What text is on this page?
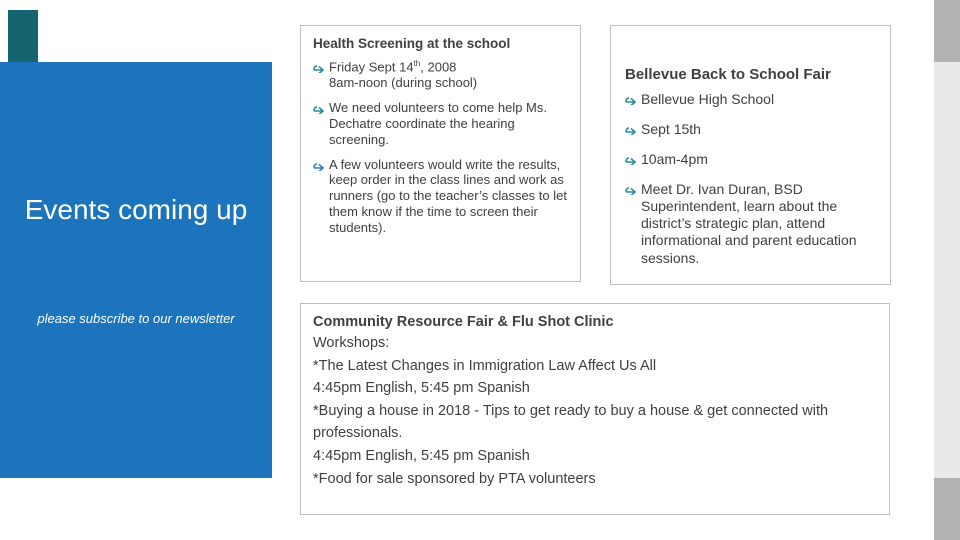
Events coming up
please subscribe to our newsletter
Health Screening at the school
Friday Sept 14th, 2008
8am-noon (during school)
We need volunteers to come help Ms. Dechatre coordinate the hearing screening.
A few volunteers would write the results, keep order in the class lines and work as runners (go to the teacher’s classes to let them know if the time to screen their students).
Bellevue Back to School Fair
Bellevue High School
Sept 15th
10am-4pm
Meet Dr. Ivan Duran, BSD Superintendent, learn about the district’s strategic plan, attend informational and parent education sessions.
Community Resource Fair & Flu Shot Clinic
Workshops:
*The Latest Changes in Immigration Law Affect Us All
4:45pm English, 5:45 pm Spanish
*Buying a house in 2018 - Tips to get ready to buy a house & get connected with professionals.
4:45pm English, 5:45 pm Spanish
*Food for sale sponsored by PTA volunteers
